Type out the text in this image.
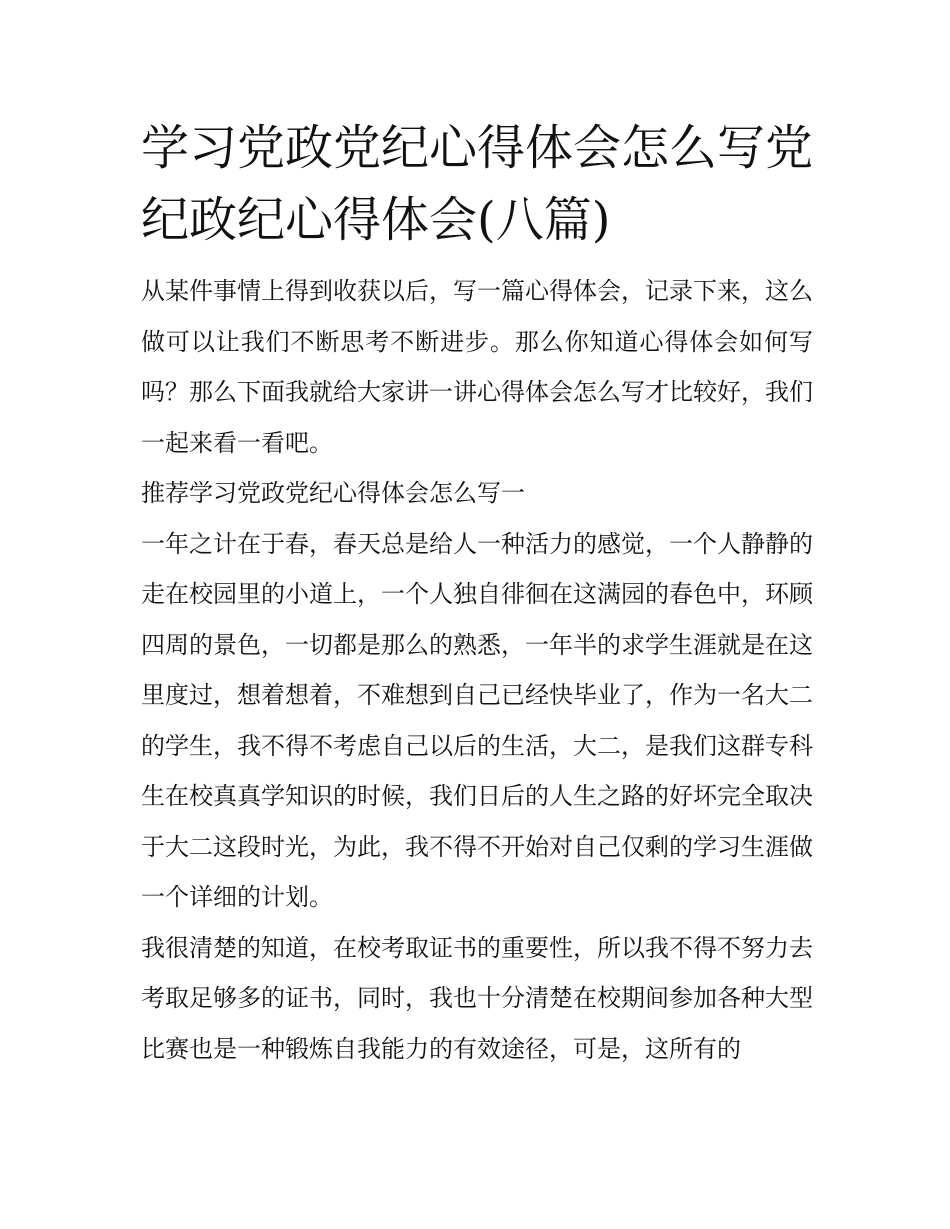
学习党政党纪心得体会怎么写党纪政纪心得体会(八篇)

从某件事情上得到收获以后，写一篇心得体会，记录下来，这么做可以让我们不断思考不断进步。那么你知道心得体会如何写吗？那么下面我就给大家讲一讲心得体会怎么写才比较好，我们一起来看一看吧。

推荐学习党政党纪心得体会怎么写一

一年之计在于春，春天总是给人一种活力的感觉，一个人静静的走在校园里的小道上，一个人独自徘徊在这满园的春色中，环顾四周的景色，一切都是那么的熟悉，一年半的求学生涯就是在这里度过，想着想着，不难想到自己已经快毕业了，作为一名大二的学生，我不得不考虑自己以后的生活，大二，是我们这群专科生在校真真学知识的时候，我们日后的人生之路的好坏完全取决于大二这段时光，为此，我不得不开始对自己仅剩的学习生涯做一个详细的计划。

我很清楚的知道，在校考取证书的重要性，所以我不得不努力去考取足够多的证书，同时，我也十分清楚在校期间参加各种大型比赛也是一种锻炼自我能力的有效途径，可是，这所有的
